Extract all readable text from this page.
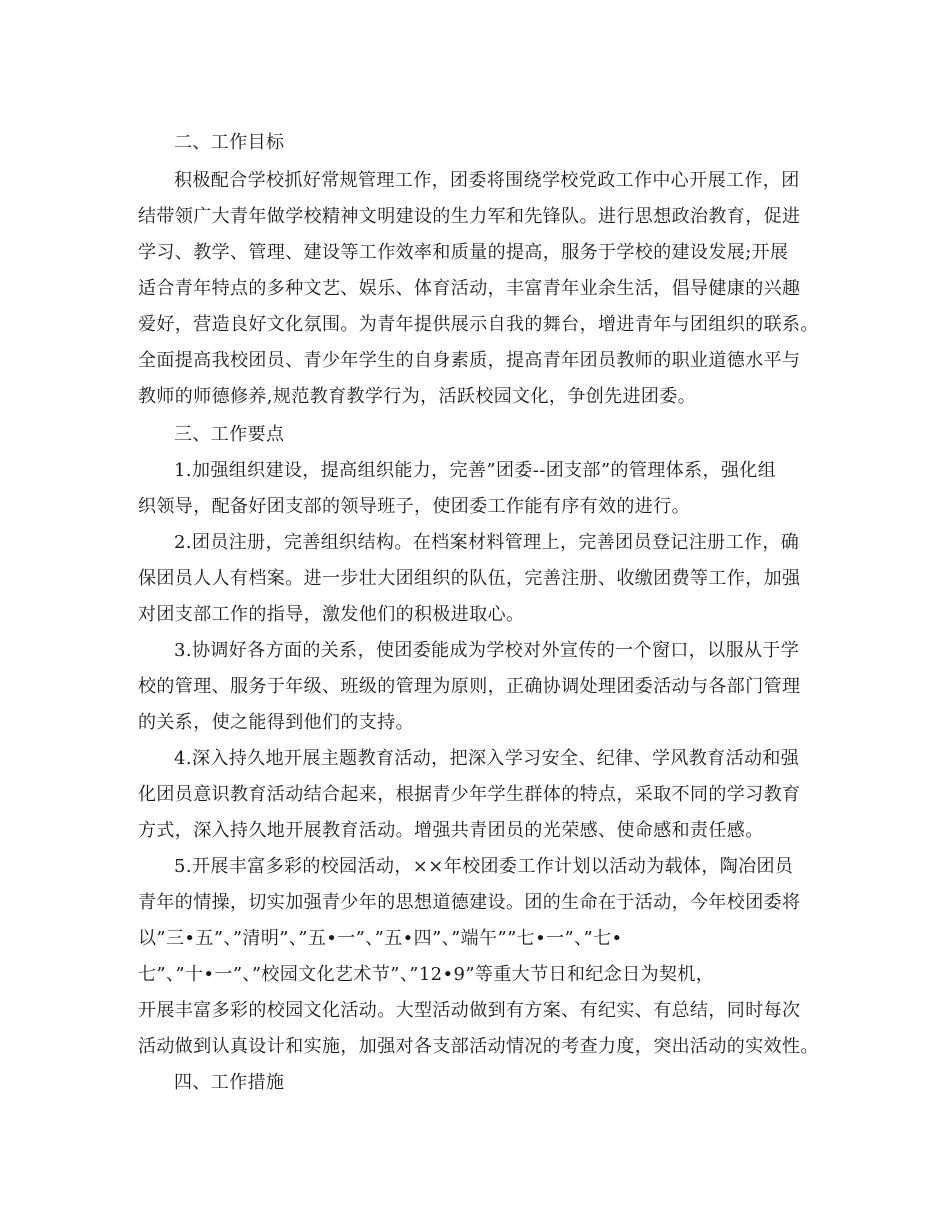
二、工作目标
积极配合学校抓好常规管理工作，团委将围绕学校党政工作中心开展工作，团
结带领广大青年做学校精神文明建设的生力军和先锋队。进行思想政治教育，促进
学习、教学、管理、建设等工作效率和质量的提高，服务于学校的建设发展;开展
适合青年特点的多种文艺、娱乐、体育活动，丰富青年业余生活，倡导健康的兴趣
爱好，营造良好文化氛围。为青年提供展示自我的舞台，增进青年与团组织的联系。
全面提高我校团员、青少年学生的自身素质，提高青年团员教师的职业道德水平与
教师的师德修养,规范教育教学行为，活跃校园文化，争创先进团委。
三、工作要点
1.加强组织建设，提高组织能力，完善”团委--团支部”的管理体系，强化组
织领导，配备好团支部的领导班子，使团委工作能有序有效的进行。
2.团员注册，完善组织结构。在档案材料管理上，完善团员登记注册工作，确
保团员人人有档案。进一步壮大团组织的队伍，完善注册、收缴团费等工作，加强
对团支部工作的指导，激发他们的积极进取心。
3.协调好各方面的关系，使团委能成为学校对外宣传的一个窗口，以服从于学
校的管理、服务于年级、班级的管理为原则，正确协调处理团委活动与各部门管理
的关系，使之能得到他们的支持。
4.深入持久地开展主题教育活动，把深入学习安全、纪律、学风教育活动和强
化团员意识教育活动结合起来，根据青少年学生群体的特点，采取不同的学习教育
方式，深入持久地开展教育活动。增强共青团员的光荣感、使命感和责任感。
5.开展丰富多彩的校园活动，××年校团委工作计划以活动为载体，陶冶团员
青年的情操，切实加强青少年的思想道德建设。团的生命在于活动，今年校团委将
以”三•五”、”清明”、”五•一”、”五•四”、”端午””七•一”、”七•
七”、”十•一”、”校园文化艺术节”、”12•9”等重大节日和纪念日为契机，
开展丰富多彩的校园文化活动。大型活动做到有方案、有纪实、有总结，同时每次
活动做到认真设计和实施，加强对各支部活动情况的考查力度，突出活动的实效性。
四、工作措施
